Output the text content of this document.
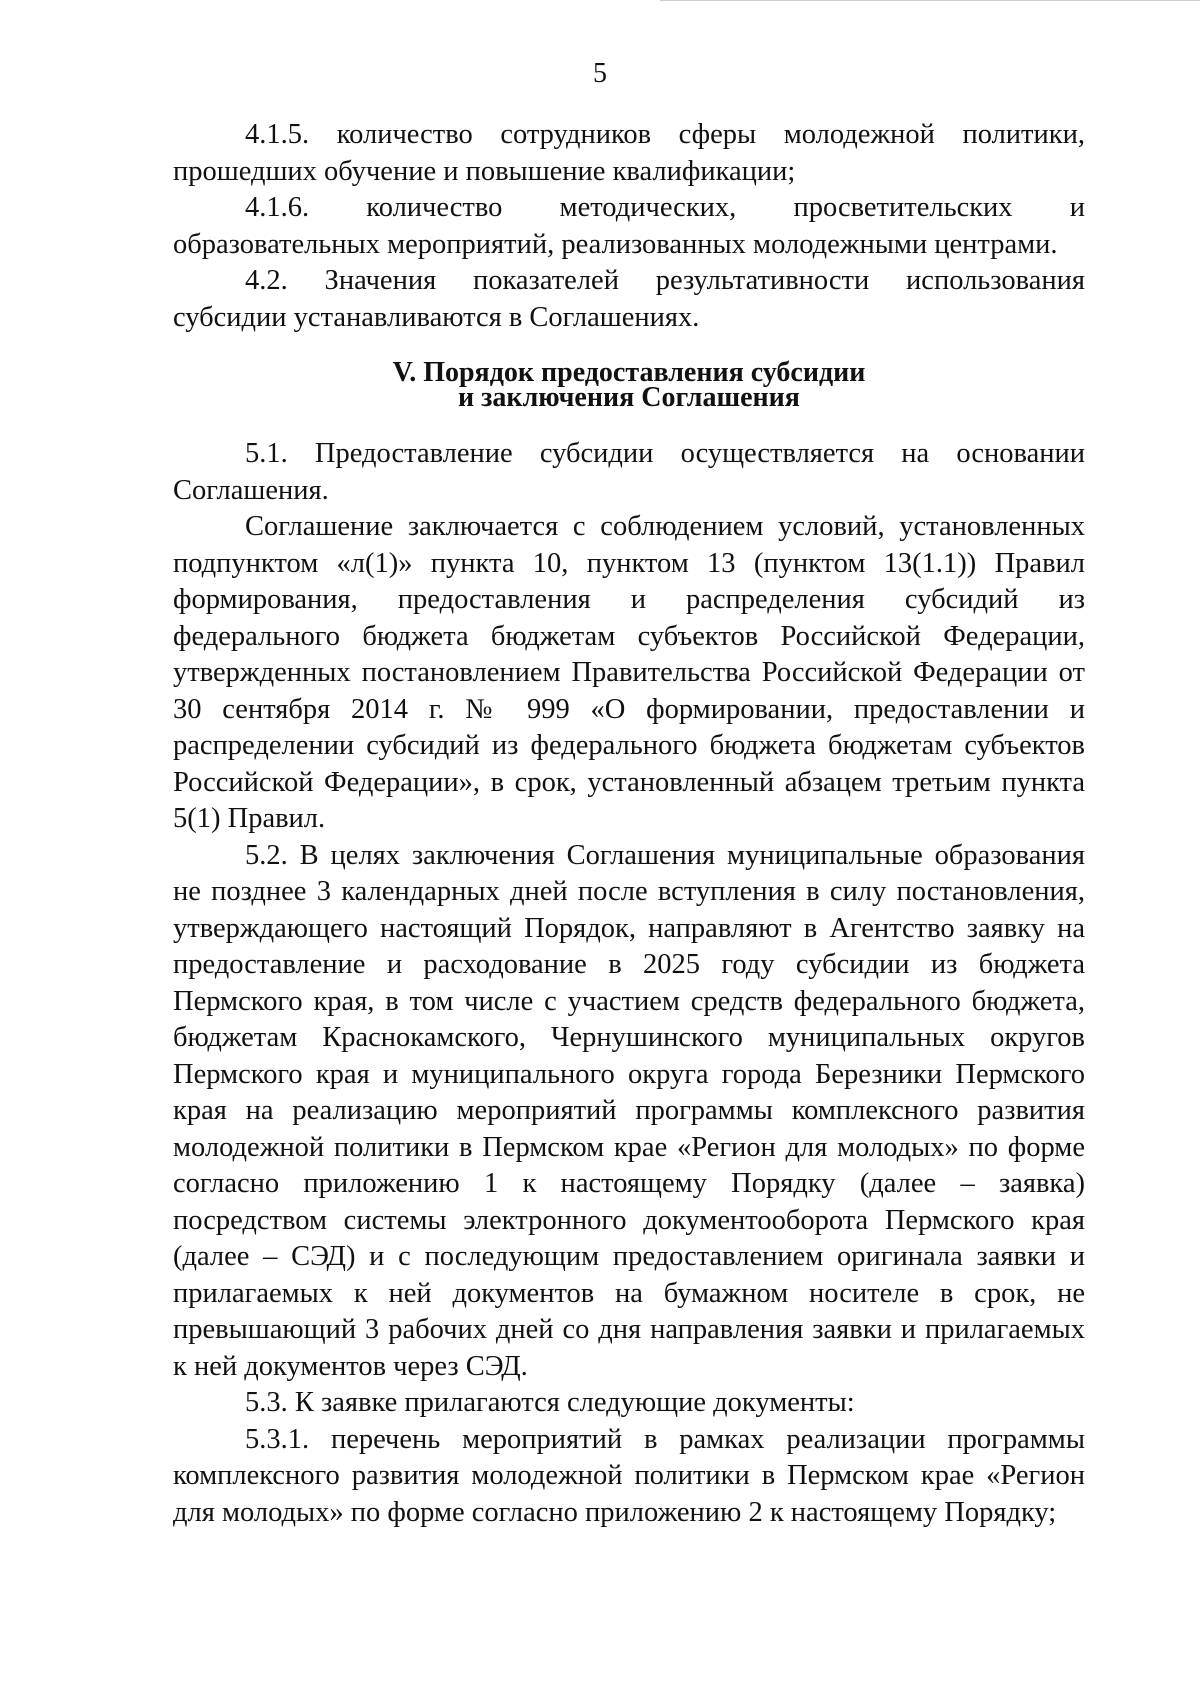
5

4.1.5. количество сотрудников сферы молодежной политики, прошедших обучение и повышение квалификации;

4.1.6. количество методических, просветительских и образовательных мероприятий, реализованных молодежными центрами.

4.2. Значения показателей результативности использования субсидии устанавливаются в Соглашениях.

V. Порядок предоставления субсидии
и заключения Соглашения

5.1. Предоставление субсидии осуществляется на основании Соглашения.

Соглашение заключается с соблюдением условий, установленных подпунктом «л(1)» пункта 10, пунктом 13 (пунктом 13(1.1)) Правил формирования, предоставления и распределения субсидий из федерального бюджета бюджетам субъектов Российской Федерации, утвержденных постановлением Правительства Российской Федерации от 30 сентября 2014 г. № 999 «О формировании, предоставлении и распределении субсидий из федерального бюджета бюджетам субъектов Российской Федерации», в срок, установленный абзацем третьим пункта 5(1) Правил.

5.2. В целях заключения Соглашения муниципальные образования не позднее 3 календарных дней после вступления в силу постановления, утверждающего настоящий Порядок, направляют в Агентство заявку на предоставление и расходование в 2025 году субсидии из бюджета Пермского края, в том числе с участием средств федерального бюджета, бюджетам Краснокамского, Чернушинского муниципальных округов Пермского края и муниципального округа города Березники Пермского края на реализацию мероприятий программы комплексного развития молодежной политики в Пермском крае «Регион для молодых» по форме согласно приложению 1 к настоящему Порядку (далее – заявка) посредством системы электронного документооборота Пермского края (далее – СЭД) и с последующим предоставлением оригинала заявки и прилагаемых к ней документов на бумажном носителе в срок, не превышающий 3 рабочих дней со дня направления заявки и прилагаемых к ней документов через СЭД.

5.3. К заявке прилагаются следующие документы:

5.3.1. перечень мероприятий в рамках реализации программы комплексного развития молодежной политики в Пермском крае «Регион для молодых» по форме согласно приложению 2 к настоящему Порядку;
